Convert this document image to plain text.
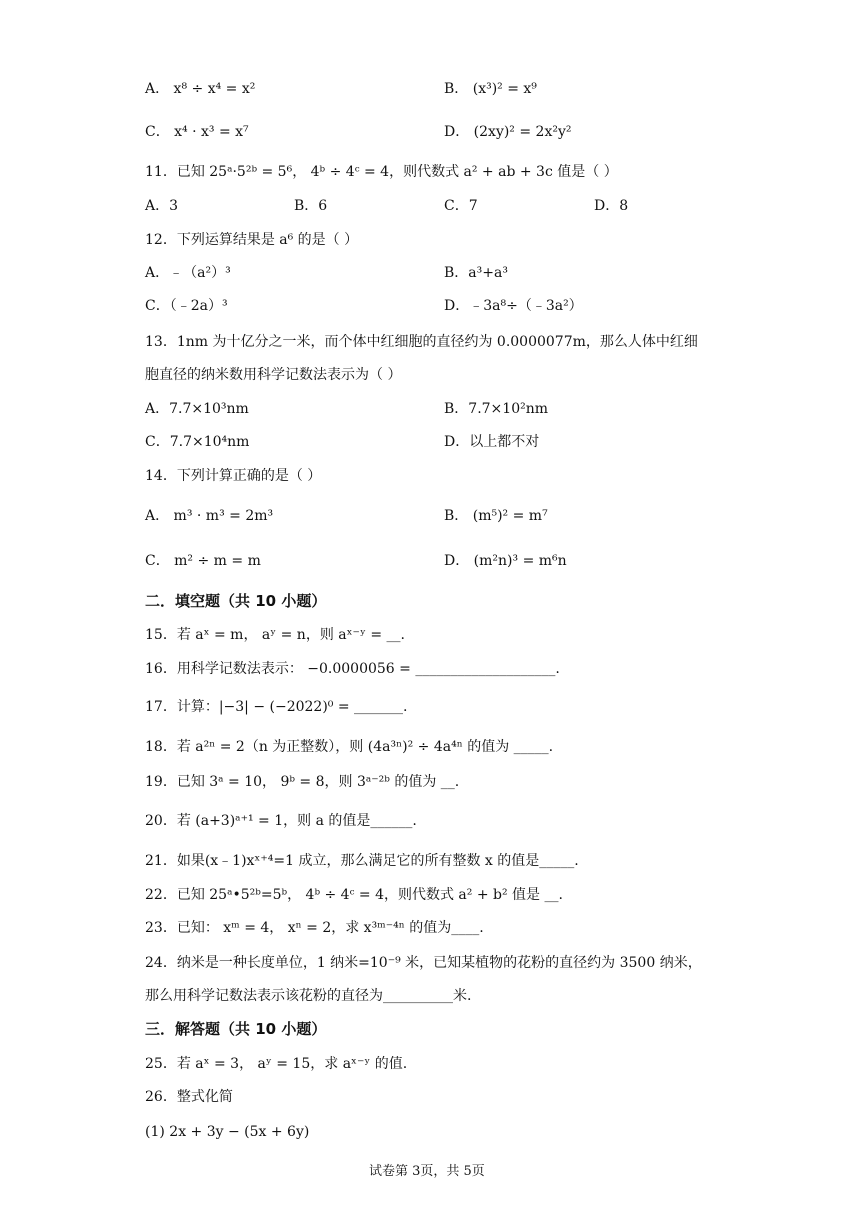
A． x⁸ ÷ x⁴ = x²	B． (x³)² = x⁹
C． x⁴ · x³ = x⁷	D． (2xy)² = 2x²y²
11．已知 25ᵃ·5²ᵇ = 5⁶， 4ᵇ ÷ 4ᶜ = 4，则代数式 a² + ab + 3c 值是（ ）
A．3	B．6	C．7	D．8
12．下列运算结果是 a⁶ 的是（ ）
A．﹣（a²）³	B．a³+a³
C．（﹣2a）³	D．﹣3a⁸÷（﹣3a²）
13．1nm 为十亿分之一米，而个体中红细胞的直径约为 0.0000077m，那么人体中红细
胞直径的纳米数用科学记数法表示为（ ）
A．7.7×10³nm	B．7.7×10²nm
C．7.7×10⁴nm	D．以上都不对
14．下列计算正确的是（ ）
A． m³ · m³ = 2m³	B． (m⁵)² = m⁷
C． m² ÷ m = m	D． (m²n)³ = m⁶n
二．填空题（共 10 小题）
15．若 aˣ = m， aʸ = n，则 aˣ⁻ʸ = __.
16．用科学记数法表示： −0.0000056 = ____________________.
17．计算：|−3| − (−2022)⁰ = _______.
18．若 a²ⁿ = 2（n 为正整数），则 (4a³ⁿ)² ÷ 4a⁴ⁿ 的值为 _____.
19．已知 3ᵃ = 10， 9ᵇ = 8，则 3ᵃ⁻²ᵇ 的值为 __.
20．若 (a+3)ᵃ⁺¹ = 1，则 a 的值是______.
21．如果(x﹣1)xˣ⁺⁴=1 成立，那么满足它的所有整数 x 的值是_____.
22．已知 25ᵃ•5²ᵇ=5ᵇ， 4ᵇ ÷ 4ᶜ = 4，则代数式 a² + b² 值是 __.
23．已知： xᵐ = 4， xⁿ = 2，求 x³ᵐ⁻⁴ⁿ 的值为____.
24．纳米是一种长度单位，1 纳米=10⁻⁹ 米，已知某植物的花粉的直径约为 3500 纳米，
那么用科学记数法表示该花粉的直径为__________米.
三．解答题（共 10 小题）
25．若 aˣ = 3， aʸ = 15，求 aˣ⁻ʸ 的值.
26．整式化简
(1) 2x + 3y − (5x + 6y)
试卷第 3页，共 5页
